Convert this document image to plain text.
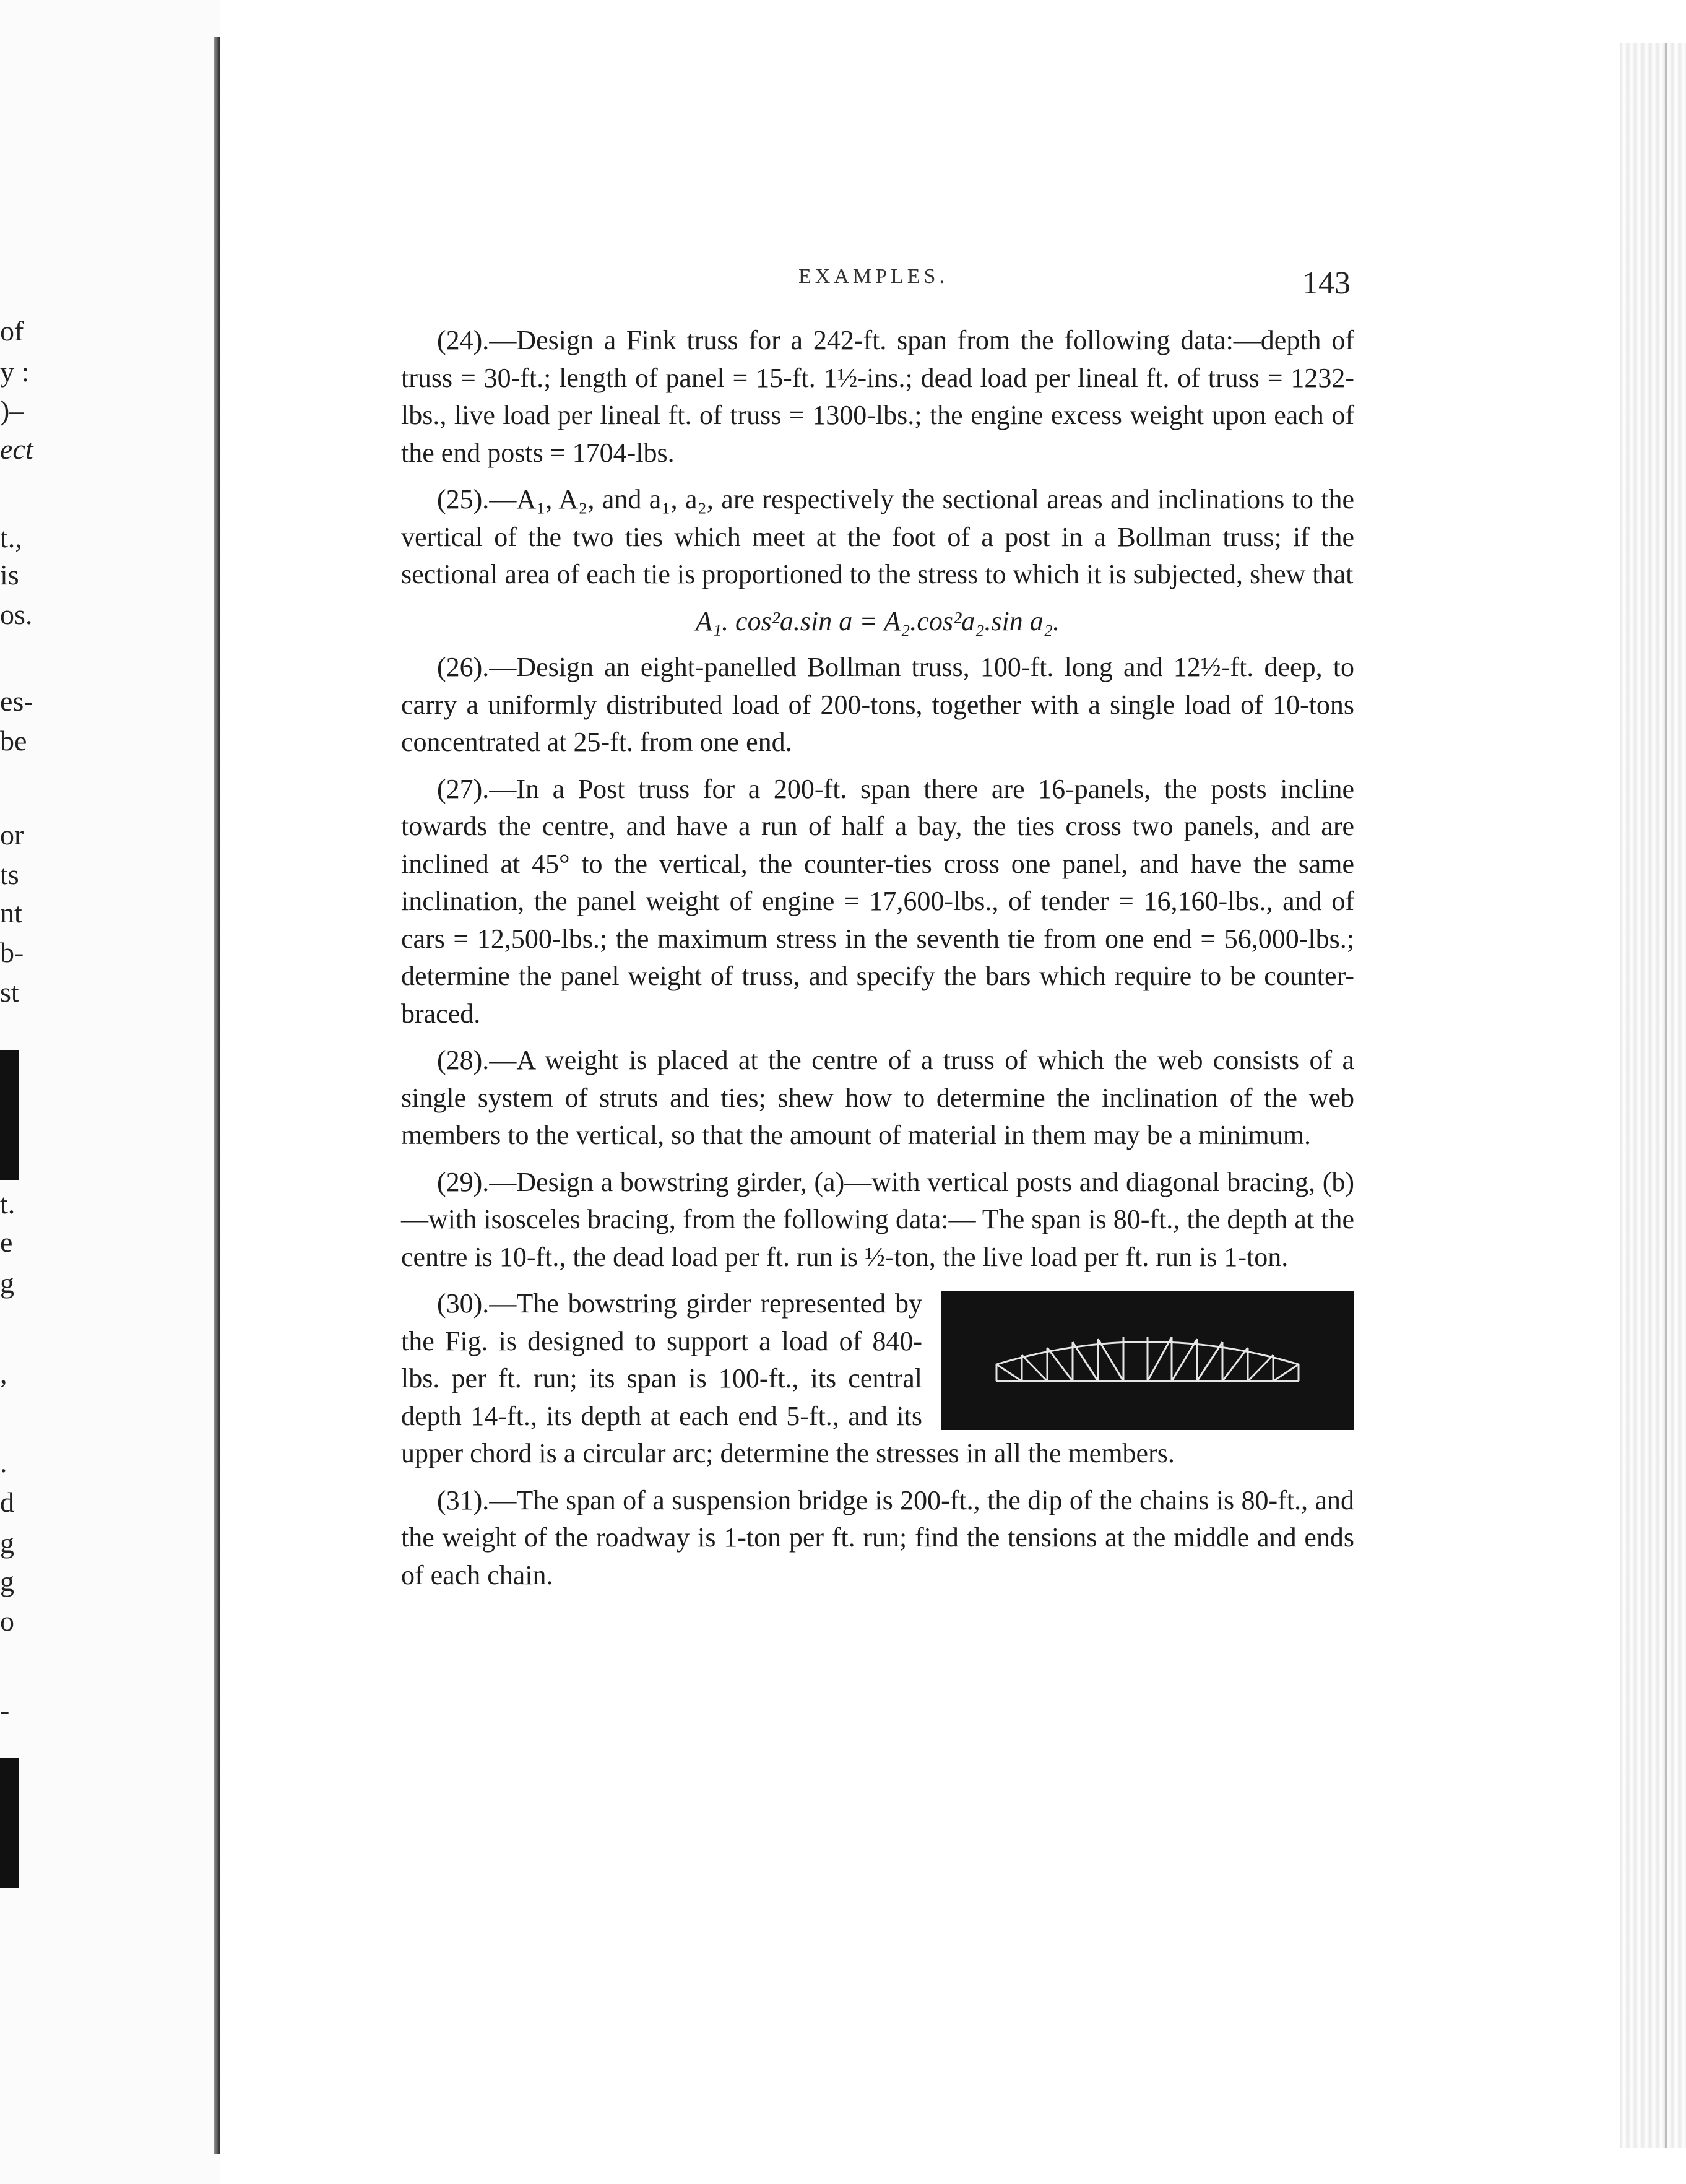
of
y :
)–
ect
t.,
is
os.
es-
be
or
ts
nt
b-
st
t.
e
g
,
.
d
g
g
o
-
EXAMPLES.	143

(24).—Design a Fink truss for a 242-ft. span from the following data:—depth of truss = 30-ft.; length of panel = 15-ft. 1½-ins.; dead load per lineal ft. of truss = 1232-lbs., live load per lineal ft. of truss = 1300-lbs.; the engine excess weight upon each of the end posts = 1704-lbs.

(25).—A₁, A₂, and a₁, a₂, are respectively the sectional areas and inclinations to the vertical of the two ties which meet at the foot of a post in a Bollman truss; if the sectional area of each tie is proportioned to the stress to which it is subjected, shew that

A₁. cos²a.sin a = A₂.cos²a₂.sin a₂.

(26).—Design an eight-panelled Bollman truss, 100-ft. long and 12½-ft. deep, to carry a uniformly distributed load of 200-tons, together with a single load of 10-tons concentrated at 25-ft. from one end.

(27).—In a Post truss for a 200-ft. span there are 16-panels, the posts incline towards the centre, and have a run of half a bay, the ties cross two panels, and are inclined at 45° to the vertical, the counter-ties cross one panel, and have the same inclination, the panel weight of engine = 17,600-lbs., of tender = 16,160-lbs., and of cars = 12,500-lbs.; the maximum stress in the seventh tie from one end = 56,000-lbs.; determine the panel weight of truss, and specify the bars which require to be counter-braced.

(28).—A weight is placed at the centre of a truss of which the web consists of a single system of struts and ties; shew how to determine the inclination of the web members to the vertical, so that the amount of material in them may be a minimum.

(29).—Design a bowstring girder, (a)—with vertical posts and diagonal bracing, (b)—with isosceles bracing, from the following data:— The span is 80-ft., the depth at the centre is 10-ft., the dead load per ft. run is ½-ton, the live load per ft. run is 1-ton.

(30).—The bowstring girder represented by the Fig. is designed to support a load of 840-lbs. per ft. run; its span is 100-ft., its central depth 14-ft., its depth at each end 5-ft., and its upper chord is a circular arc; determine the stresses in all the members.

(31).—The span of a suspension bridge is 200-ft., the dip of the chains is 80-ft., and the weight of the roadway is 1-ton per ft. run; find the tensions at the middle and ends of each chain.
